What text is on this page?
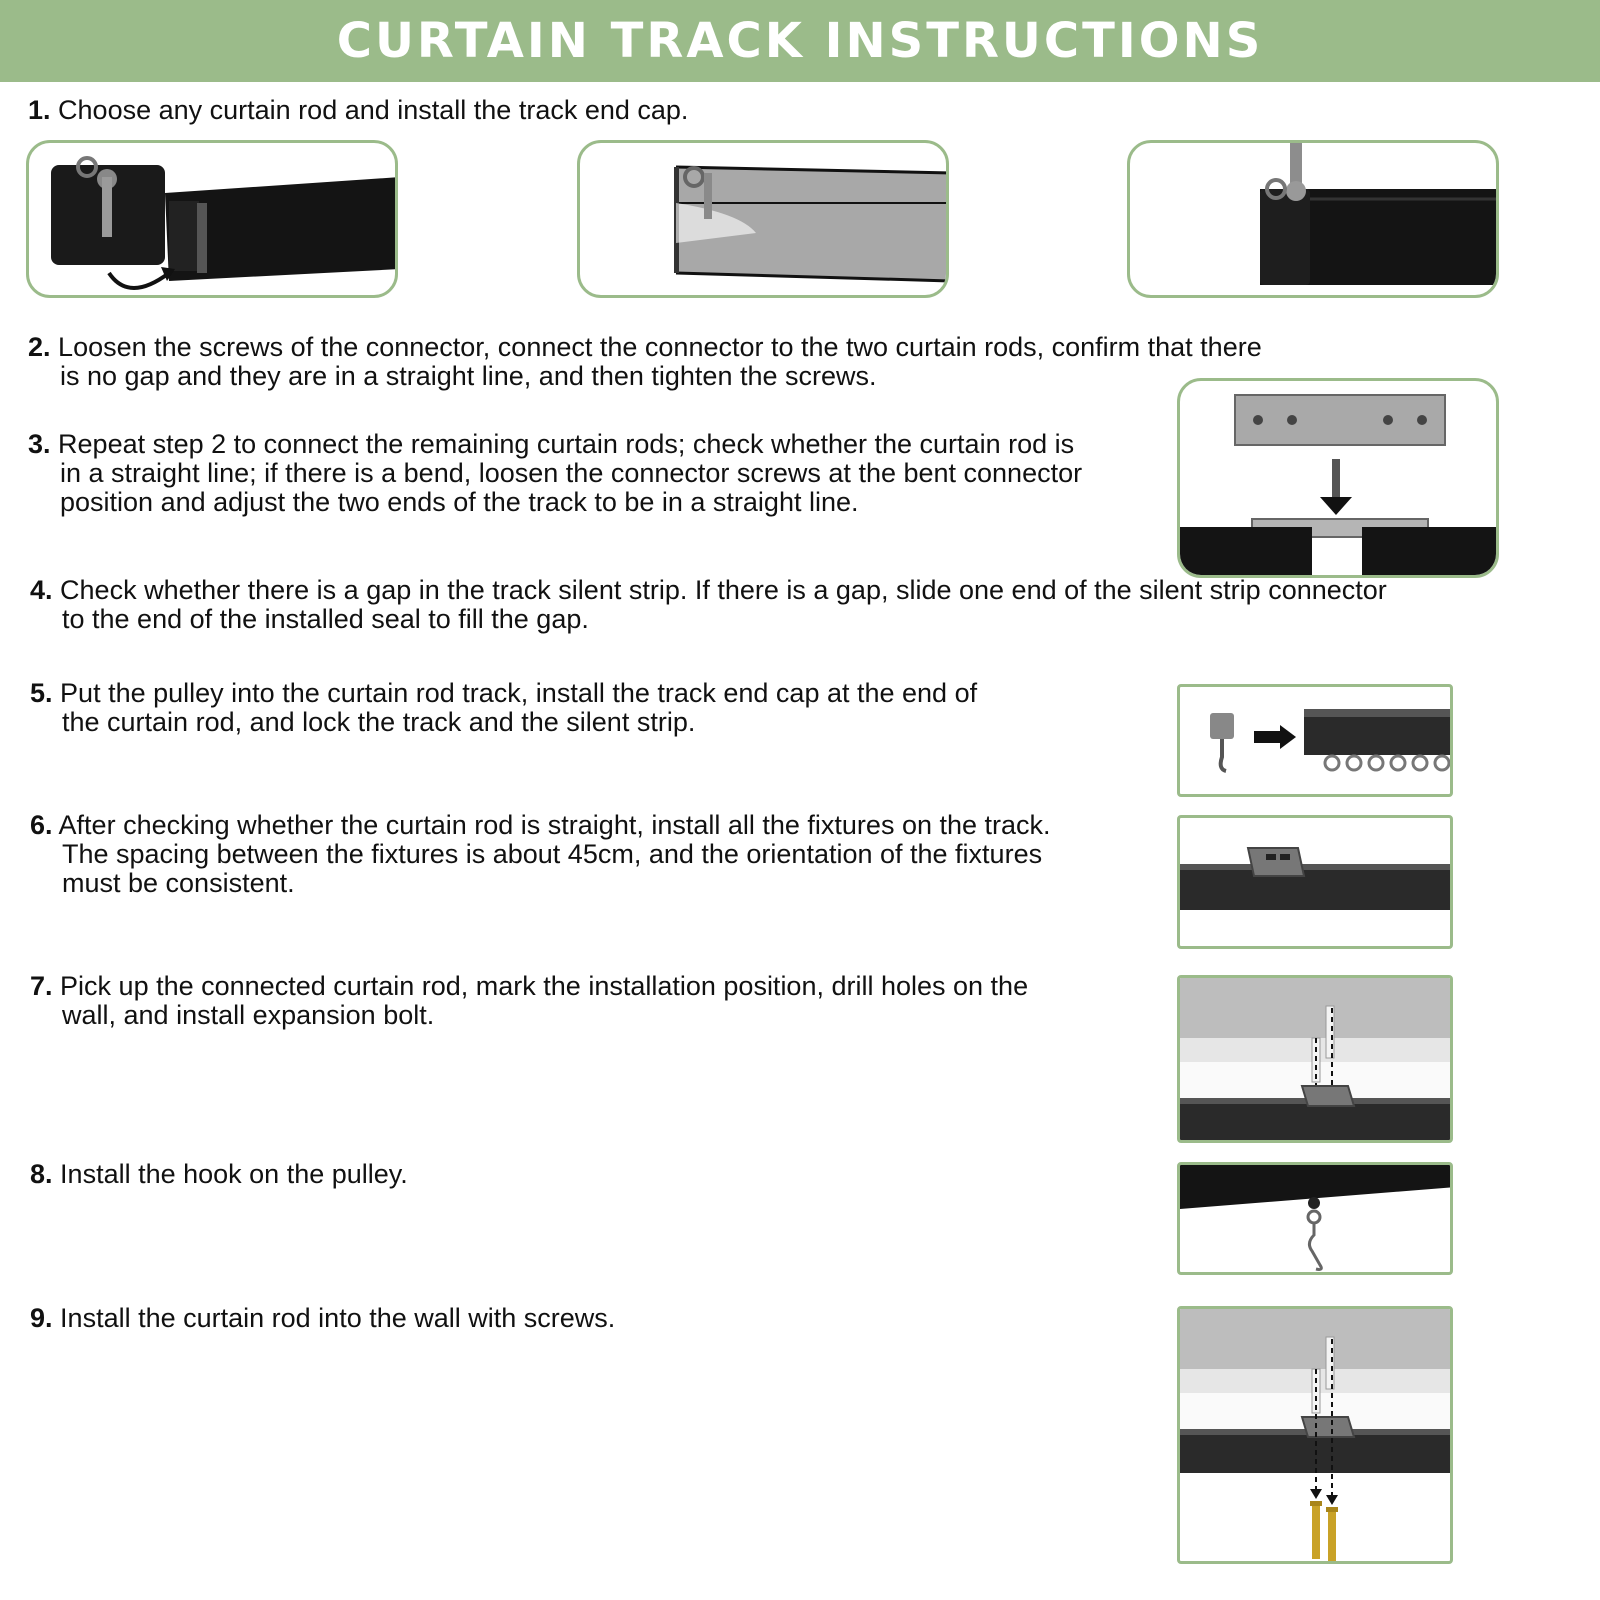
CURTAIN TRACK INSTRUCTIONS
1. Choose any curtain rod and install the track end cap.
2. Loosen the screws of the connector, connect the connector to the two curtain rods, confirm that there
is no gap and they are in a straight line, and then tighten the screws.
3. Repeat step 2 to connect the remaining curtain rods; check whether the curtain rod is
in a straight line; if there is a bend, loosen the connector screws at the bent connector
position and adjust the two ends of the track to be in a straight line.
4. Check whether there is a gap in the track silent strip. If there is a gap, slide one end of the silent strip connector
to the end of the installed seal to fill the gap.
5. Put the pulley into the curtain rod track, install the track end cap at the end of
the curtain rod, and lock the track and the silent strip.
6. After checking whether the curtain rod is straight, install all the fixtures on the track.
The spacing between the fixtures is about 45cm, and the orientation of the fixtures
must be consistent.
7. Pick up the connected curtain rod, mark the installation position, drill holes on the
wall, and install expansion bolt.
8. Install the hook on the pulley.
9. Install the curtain rod into the wall with screws.
